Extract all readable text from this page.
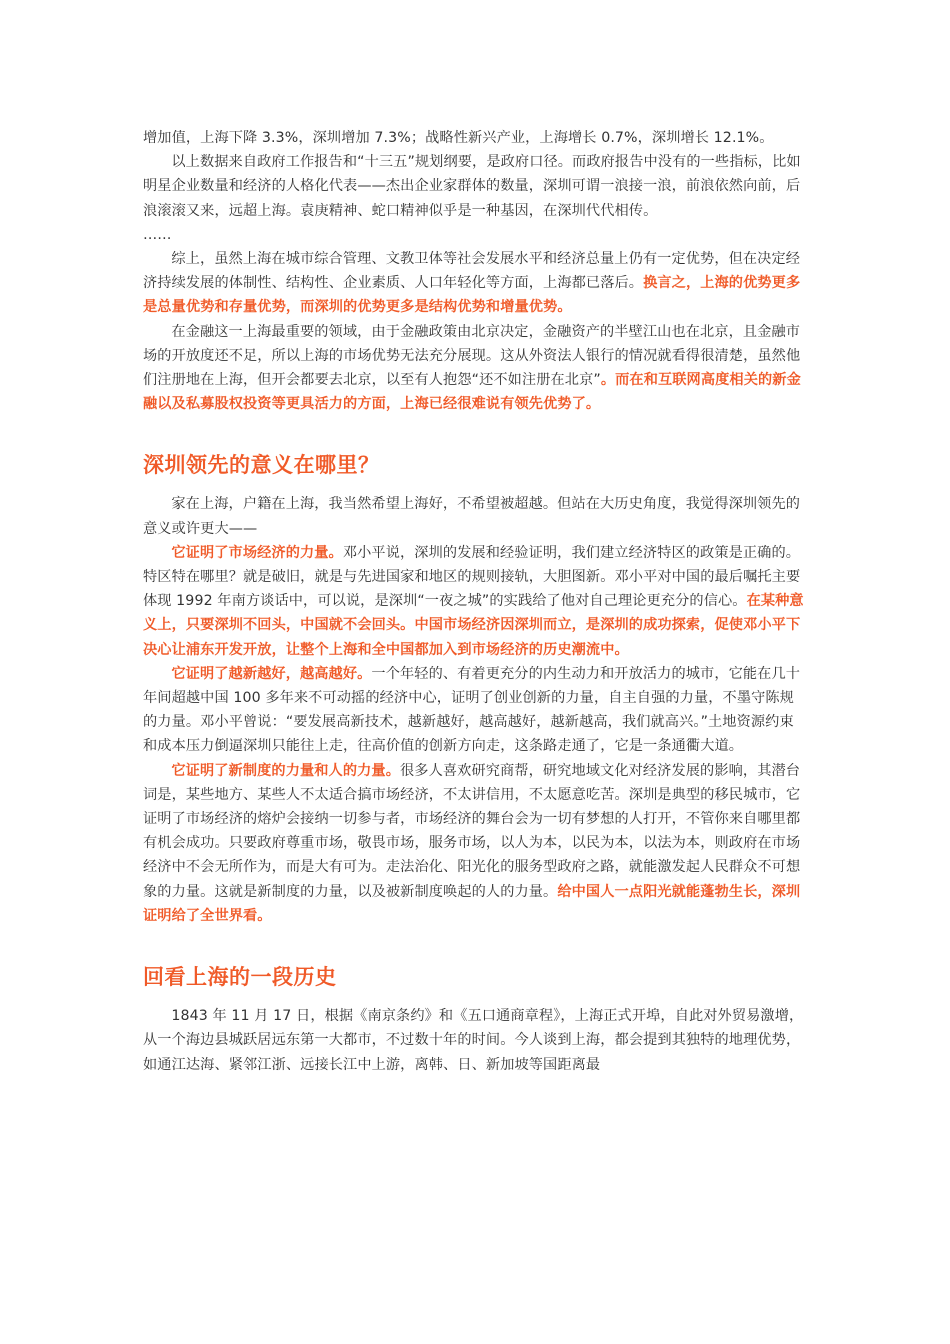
增加值，上海下降 3.3%，深圳增加 7.3%；战略性新兴产业，上海增长 0.7%，深圳增长 12.1%。

以上数据来自政府工作报告和“十三五”规划纲要，是政府口径。而政府报告中没有的一些指标，比如明星企业数量和经济的人格化代表——杰出企业家群体的数量，深圳可谓一浪接一浪，前浪依然向前，后浪滚滚又来，远超上海。袁庚精神、蛇口精神似乎是一种基因，在深圳代代相传。

……

综上，虽然上海在城市综合管理、文教卫体等社会发展水平和经济总量上仍有一定优势，但在决定经济持续发展的体制性、结构性、企业素质、人口年轻化等方面，上海都已落后。换言之，上海的优势更多是总量优势和存量优势，而深圳的优势更多是结构优势和增量优势。

在金融这一上海最重要的领域，由于金融政策由北京决定，金融资产的半壁江山也在北京，且金融市场的开放度还不足，所以上海的市场优势无法充分展现。这从外资法人银行的情况就看得很清楚，虽然他们注册地在上海，但开会都要去北京，以至有人抱怨“还不如注册在北京”。而在和互联网高度相关的新金融以及私募股权投资等更具活力的方面，上海已经很难说有领先优势了。

深圳领先的意义在哪里？

家在上海，户籍在上海，我当然希望上海好，不希望被超越。但站在大历史角度，我觉得深圳领先的意义或许更大——

它证明了市场经济的力量。邓小平说，深圳的发展和经验证明，我们建立经济特区的政策是正确的。特区特在哪里？就是破旧，就是与先进国家和地区的规则接轨，大胆图新。邓小平对中国的最后嘱托主要体现 1992 年南方谈话中，可以说，是深圳“一夜之城”的实践给了他对自己理论更充分的信心。在某种意义上，只要深圳不回头，中国就不会回头。中国市场经济因深圳而立，是深圳的成功探索，促使邓小平下决心让浦东开发开放，让整个上海和全中国都加入到市场经济的历史潮流中。

它证明了越新越好，越高越好。一个年轻的、有着更充分的内生动力和开放活力的城市，它能在几十年间超越中国 100 多年来不可动摇的经济中心，证明了创业创新的力量，自主自强的力量，不墨守陈规的力量。邓小平曾说：“要发展高新技术，越新越好，越高越好，越新越高，我们就高兴。”土地资源约束和成本压力倒逼深圳只能往上走，往高价值的创新方向走，这条路走通了，它是一条通衢大道。

它证明了新制度的力量和人的力量。很多人喜欢研究商帮，研究地域文化对经济发展的影响，其潜台词是，某些地方、某些人不太适合搞市场经济，不太讲信用，不太愿意吃苦。深圳是典型的移民城市，它证明了市场经济的熔炉会接纳一切参与者，市场经济的舞台会为一切有梦想的人打开，不管你来自哪里都有机会成功。只要政府尊重市场，敬畏市场，服务市场，以人为本，以民为本，以法为本，则政府在市场经济中不会无所作为，而是大有可为。走法治化、阳光化的服务型政府之路，就能激发起人民群众不可想象的力量。这就是新制度的力量，以及被新制度唤起的人的力量。给中国人一点阳光就能蓬勃生长，深圳证明给了全世界看。

回看上海的一段历史

1843 年 11 月 17 日，根据《南京条约》和《五口通商章程》，上海正式开埠，自此对外贸易激增，从一个海边县城跃居远东第一大都市，不过数十年的时间。今人谈到上海，都会提到其独特的地理优势，如通江达海、紧邻江浙、远接长江中上游，离韩、日、新加坡等国距离最
